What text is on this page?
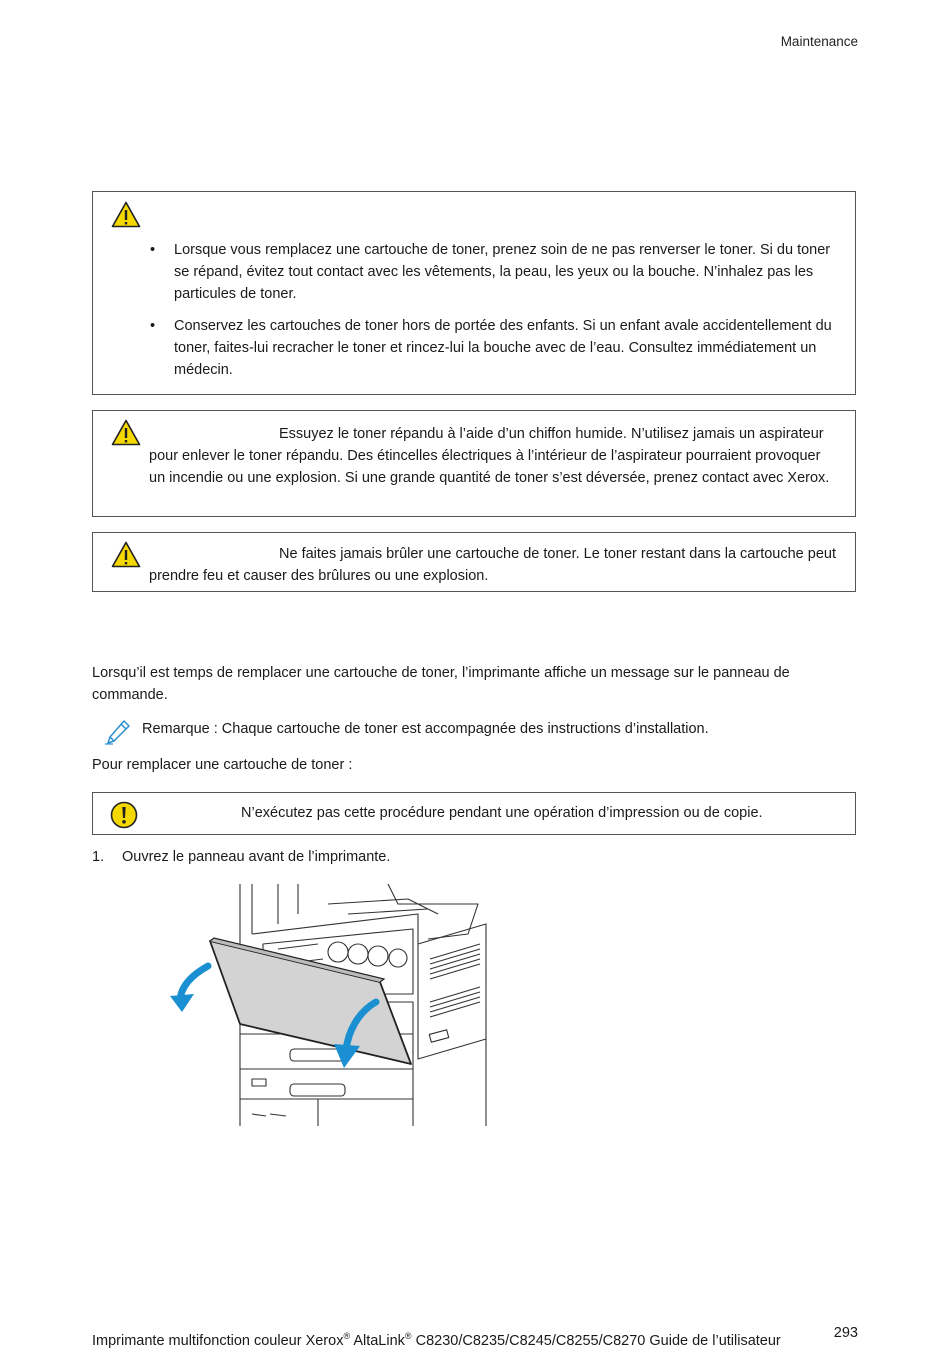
Maintenance
• Lorsque vous remplacez une cartouche de toner, prenez soin de ne pas renverser le toner. Si du toner se répand, évitez tout contact avec les vêtements, la peau, les yeux ou la bouche. N’inhalez pas les particules de toner.
• Conservez les cartouches de toner hors de portée des enfants. Si un enfant avale accidentellement du toner, faites-lui recracher le toner et rincez-lui la bouche avec de l’eau. Consultez immédiatement un médecin.
Essuyez le toner répandu à l’aide d’un chiffon humide. N’utilisez jamais un aspirateur pour enlever le toner répandu. Des étincelles électriques à l’intérieur de l’aspirateur pourraient provoquer un incendie ou une explosion. Si une grande quantité de toner s’est déversée, prenez contact avec Xerox.
Ne faites jamais brûler une cartouche de toner. Le toner restant dans la cartouche peut prendre feu et causer des brûlures ou une explosion.
Lorsqu’il est temps de remplacer une cartouche de toner, l’imprimante affiche un message sur le panneau de commande.
Remarque : Chaque cartouche de toner est accompagnée des instructions d’installation.
Pour remplacer une cartouche de toner :
N’exécutez pas cette procédure pendant une opération d’impression ou de copie.
1. Ouvrez le panneau avant de l’imprimante.
Imprimante multifonction couleur Xerox® AltaLink® C8230/C8235/C8245/C8255/C8270 Guide de l’utilisateur	293
